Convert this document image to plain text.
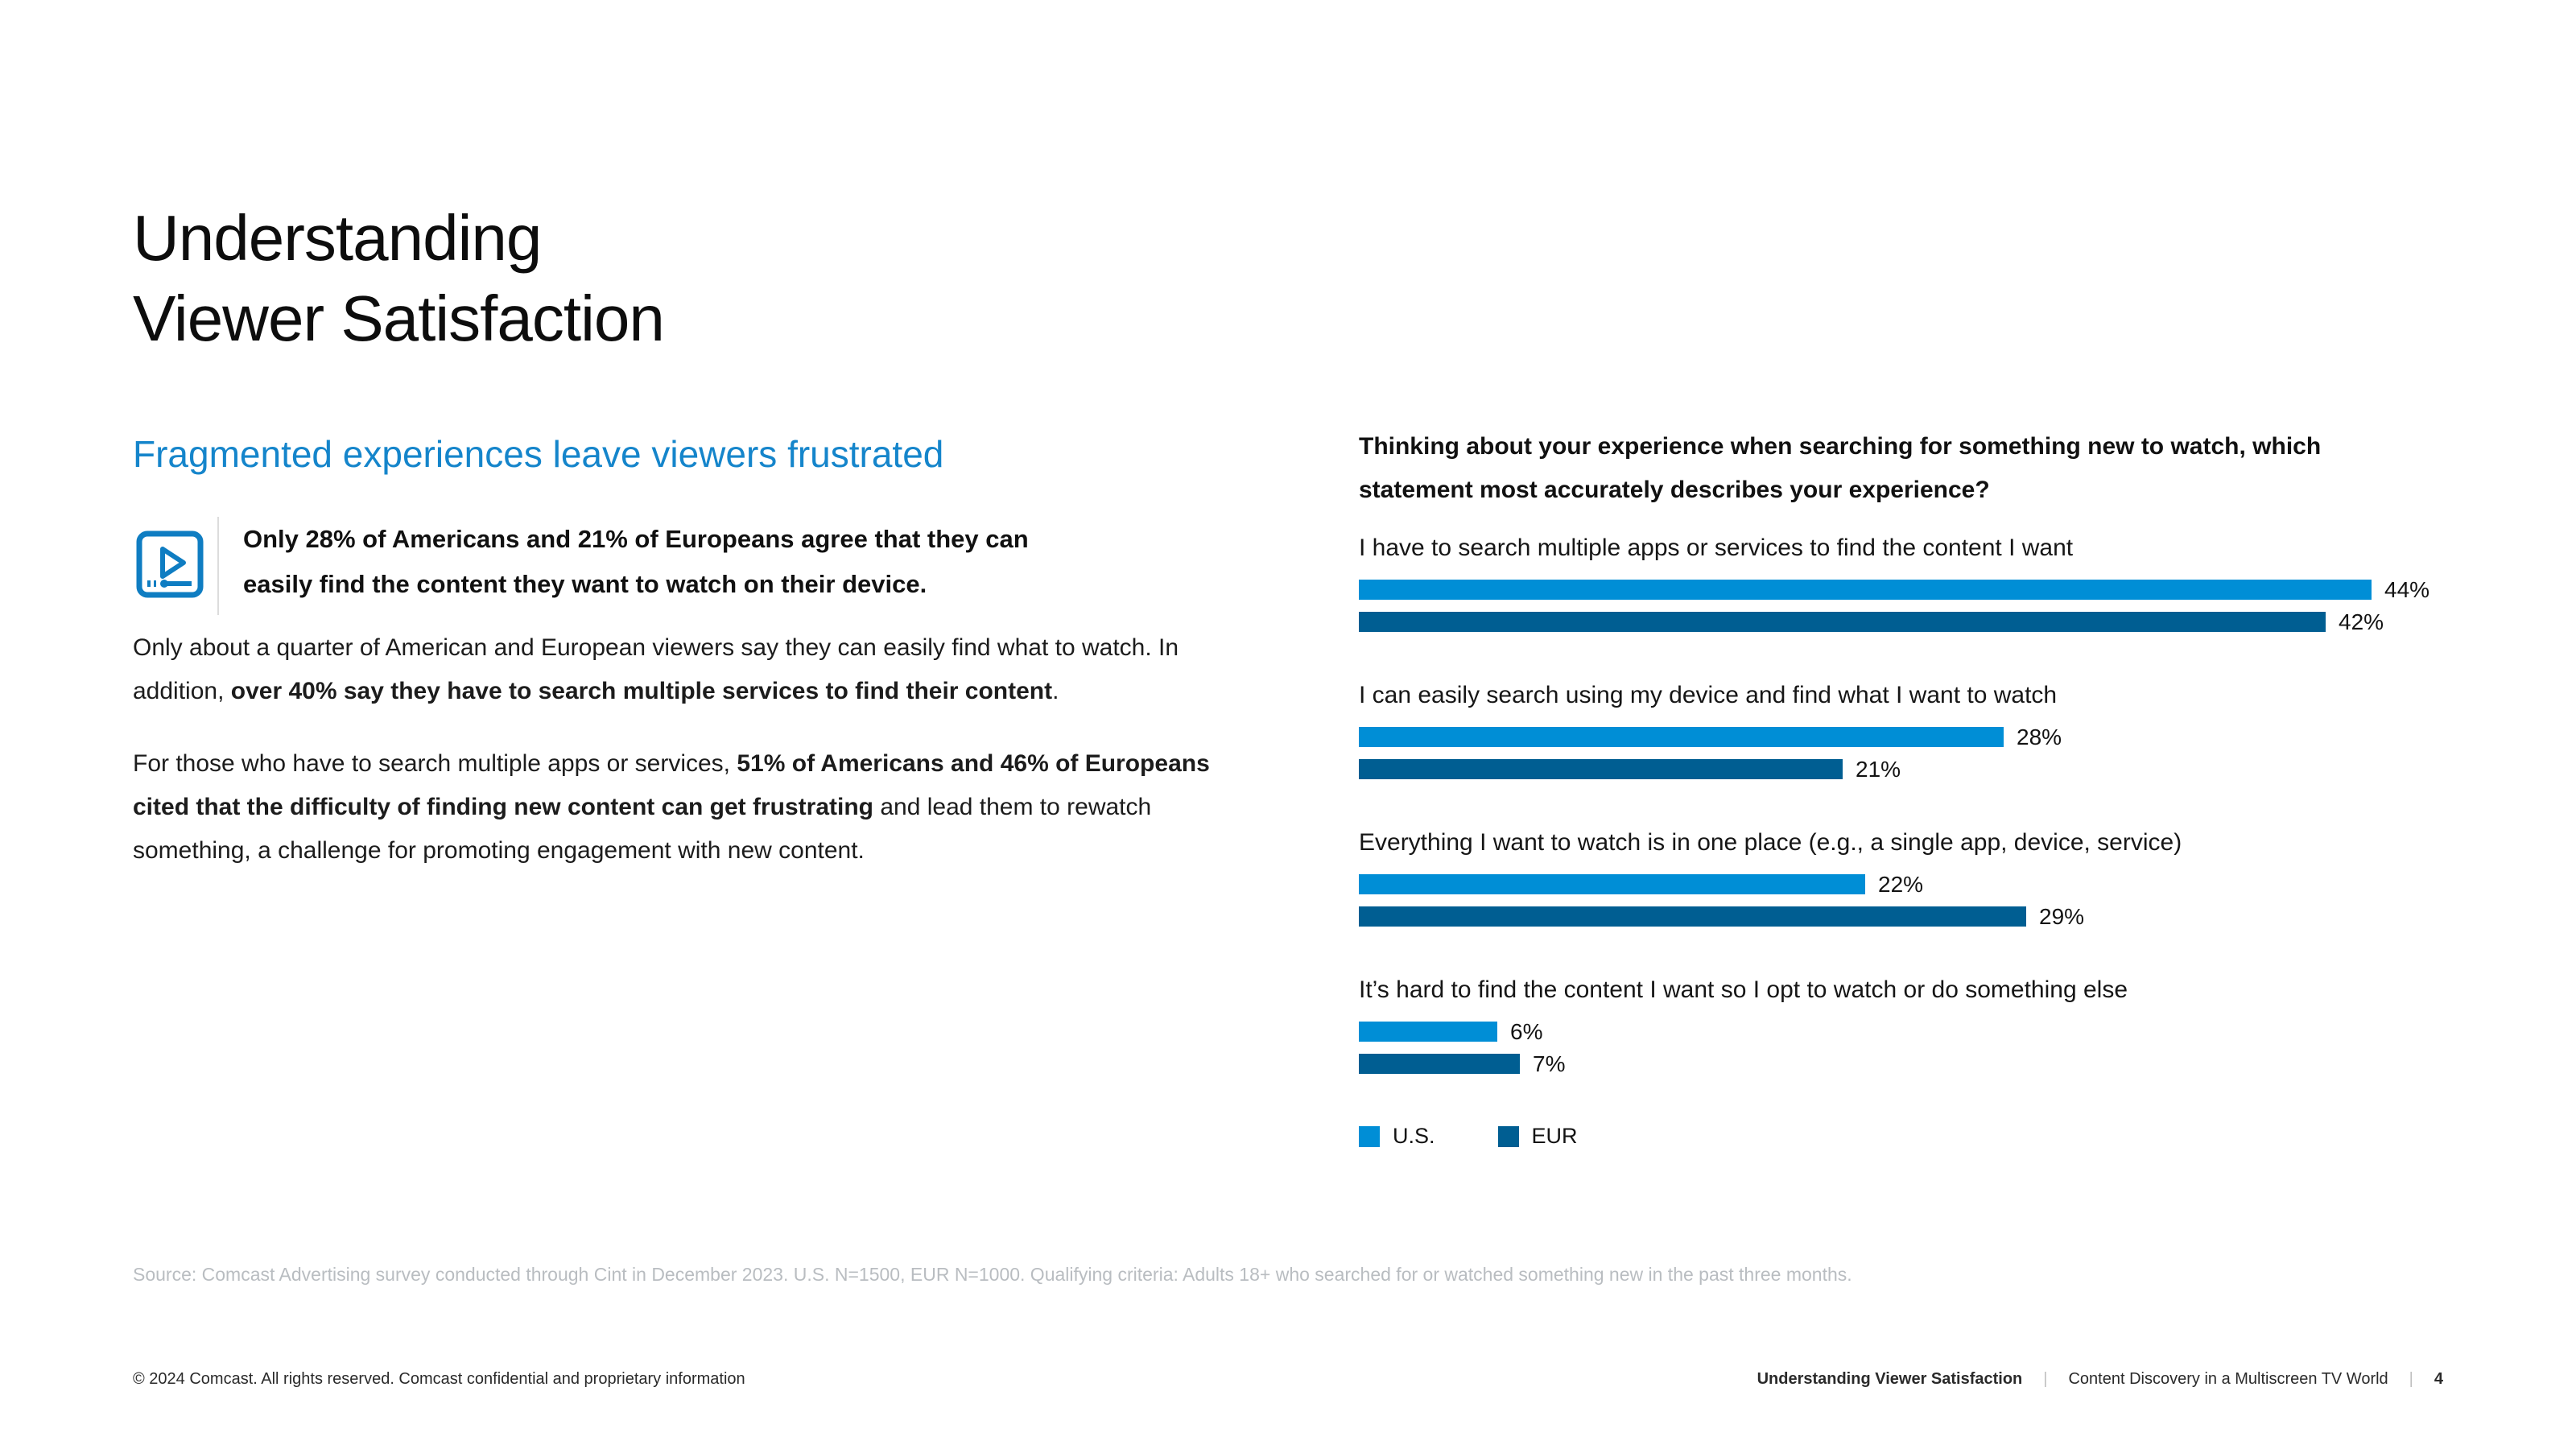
Understanding
Viewer Satisfaction
Fragmented experiences leave viewers frustrated

Only 28% of Americans and 21% of Europeans agree that they can easily find the content they want to watch on their device.

Only about a quarter of American and European viewers say they can easily find what to watch. In addition, over 40% say they have to search multiple services to find their content.

For those who have to search multiple apps or services, 51% of Americans and 46% of Europeans cited that the difficulty of finding new content can get frustrating and lead them to rewatch something, a challenge for promoting engagement with new content.

Thinking about your experience when searching for something new to watch, which statement most accurately describes your experience?
I have to search multiple apps or services to find the content I want
44%
42%
I can easily search using my device and find what I want to watch
28%
21%
Everything I want to watch is in one place (e.g., a single app, device, service)
22%
29%
It’s hard to find the content I want so I opt to watch or do something else
6%
7%
U.S.	EUR
Source: Comcast Advertising survey conducted through Cint in December 2023. U.S. N=1500, EUR N=1000. Qualifying criteria: Adults 18+ who searched for or watched something new in the past three months.
© 2024 Comcast. All rights reserved. Comcast confidential and proprietary information	Understanding Viewer Satisfaction | Content Discovery in a Multiscreen TV World | 4
